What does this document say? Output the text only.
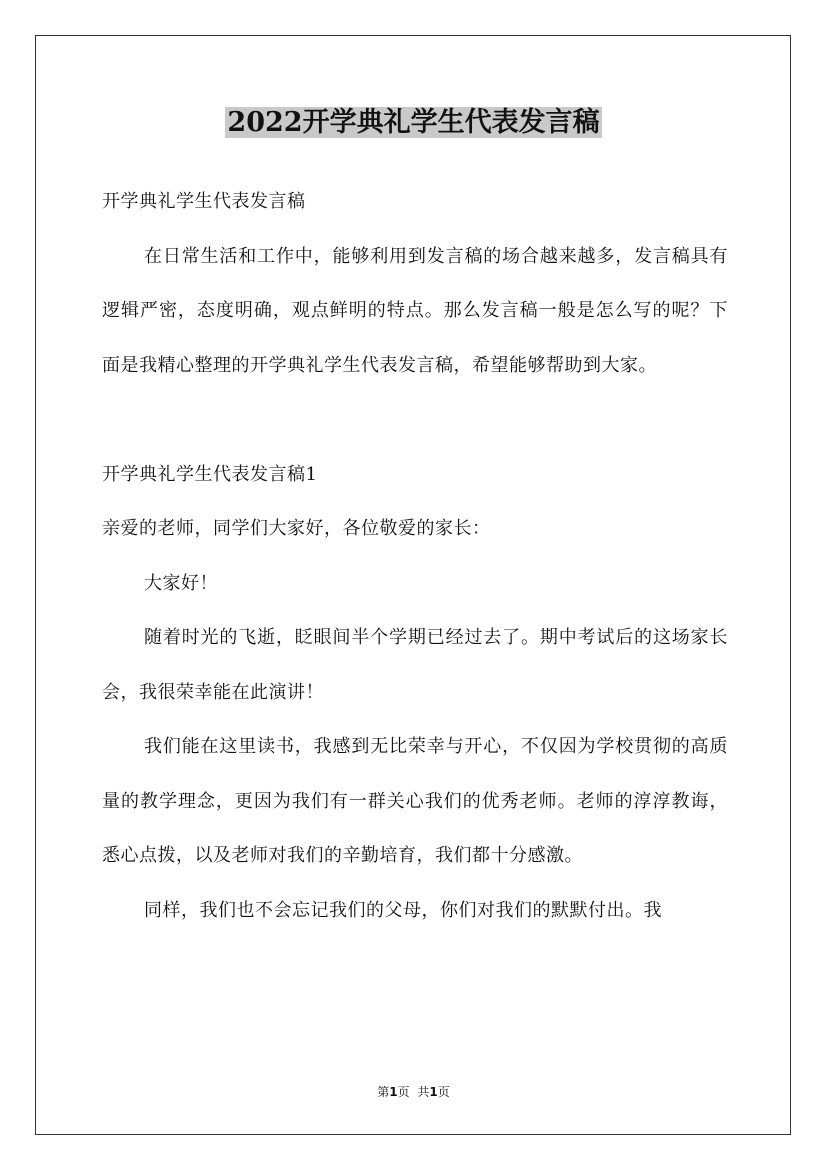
2022开学典礼学生代表发言稿

开学典礼学生代表发言稿

在日常生活和工作中，能够利用到发言稿的场合越来越多，发言稿具有逻辑严密，态度明确，观点鲜明的特点。那么发言稿一般是怎么写的呢？下面是我精心整理的开学典礼学生代表发言稿，希望能够帮助到大家。

开学典礼学生代表发言稿1

亲爱的老师，同学们大家好，各位敬爱的家长：

大家好！

随着时光的飞逝，眨眼间半个学期已经过去了。期中考试后的这场家长会，我很荣幸能在此演讲！

我们能在这里读书，我感到无比荣幸与开心，不仅因为学校贯彻的高质量的教学理念，更因为我们有一群关心我们的优秀老师。老师的淳淳教诲，悉心点拨，以及老师对我们的辛勤培育，我们都十分感激。

同样，我们也不会忘记我们的父母，你们对我们的默默付出。我

第1页 共1页
